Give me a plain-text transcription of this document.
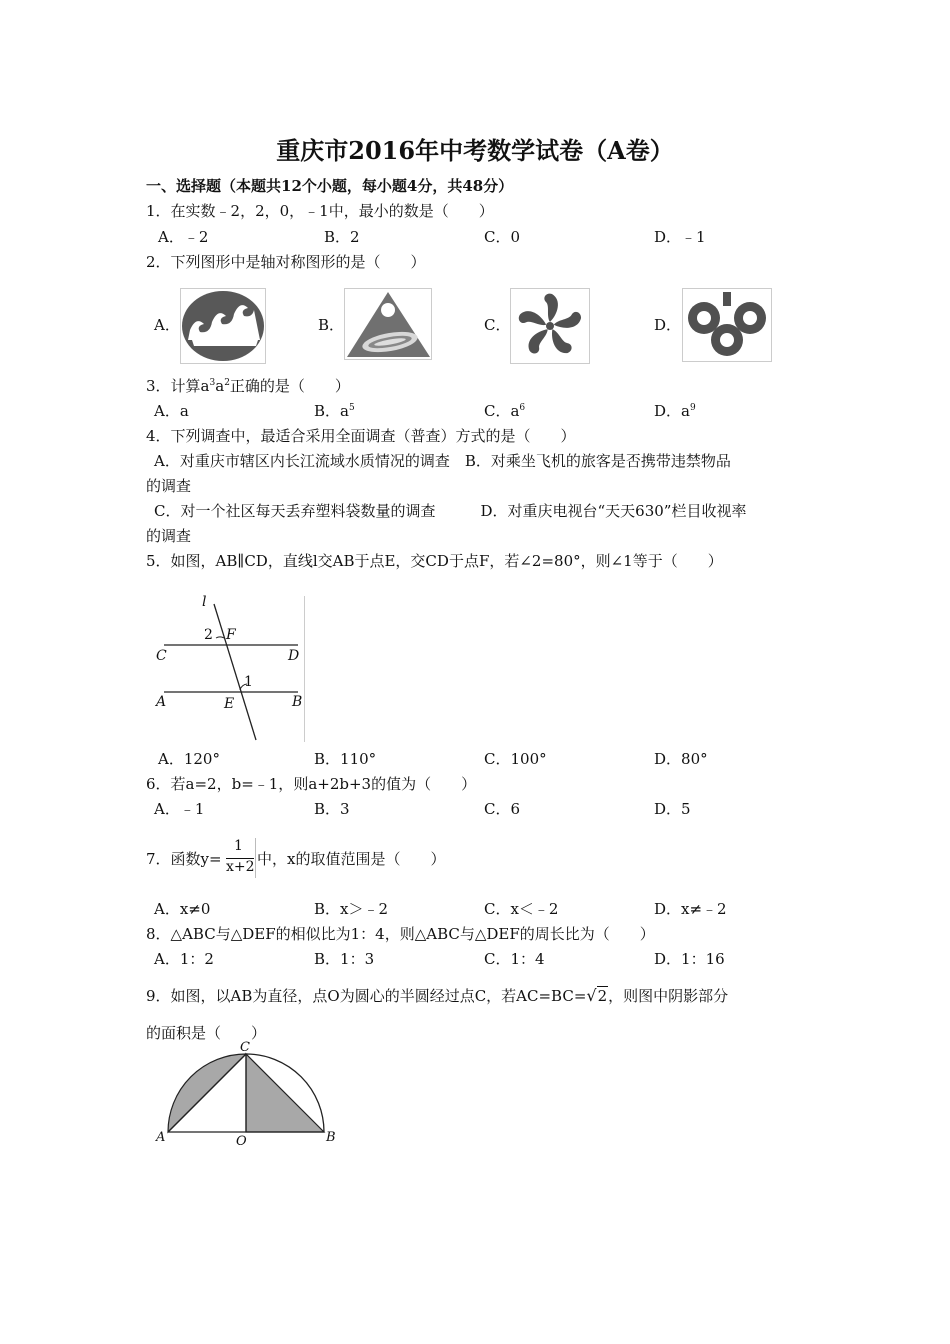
重庆市2016年中考数学试卷（A卷）
一、选择题（本题共12个小题，每小题4分，共48分）
1．在实数﹣2，2，0，﹣1中，最小的数是（　　）
A．﹣2	B．2	C．0	D．﹣1
2．下列图形中是轴对称图形的是（　　）
A．	B．	C．	D．
3．计算$a^3a^2$正确的是（　　）
A．a	B．$a^5$	C．$a^6$	D．$a^9$
4．下列调查中，最适合采用全面调查（普查）方式的是（　　）
A．对重庆市辖区内长江流域水质情况的调查　B．对乘坐飞机的旅客是否携带违禁物品
的调查
C．对一个社区每天丢弃塑料袋数量的调查　　　D．对重庆电视台“天天630”栏目收视率
的调查
5．如图，AB∥CD，直线l交AB于点E，交CD于点F，若∠2=80°，则∠1等于（　　）
l
2 F
C	D
1
A	E	B
A．120°	B．110°	C．100°	D．80°
6．若a=2，b=﹣1，则a+2b+3的值为（　　）
A．﹣1	B．3	C．6	D．5
7．函数y=
1
x+2 中，x的取值范围是（　　）
A．x≠0	B．x＞﹣2	C．x＜﹣2	D．x≠﹣2
8．△ABC与△DEF的相似比为1：4，则△ABC与△DEF的周长比为（　　）
A．1：2	B．1：3	C．1：4	D．1：16
9．如图，以AB为直径，点O为圆心的半圆经过点C，若AC=BC=√2，则图中阴影部分
的面积是（　　）
C
A	O	B
